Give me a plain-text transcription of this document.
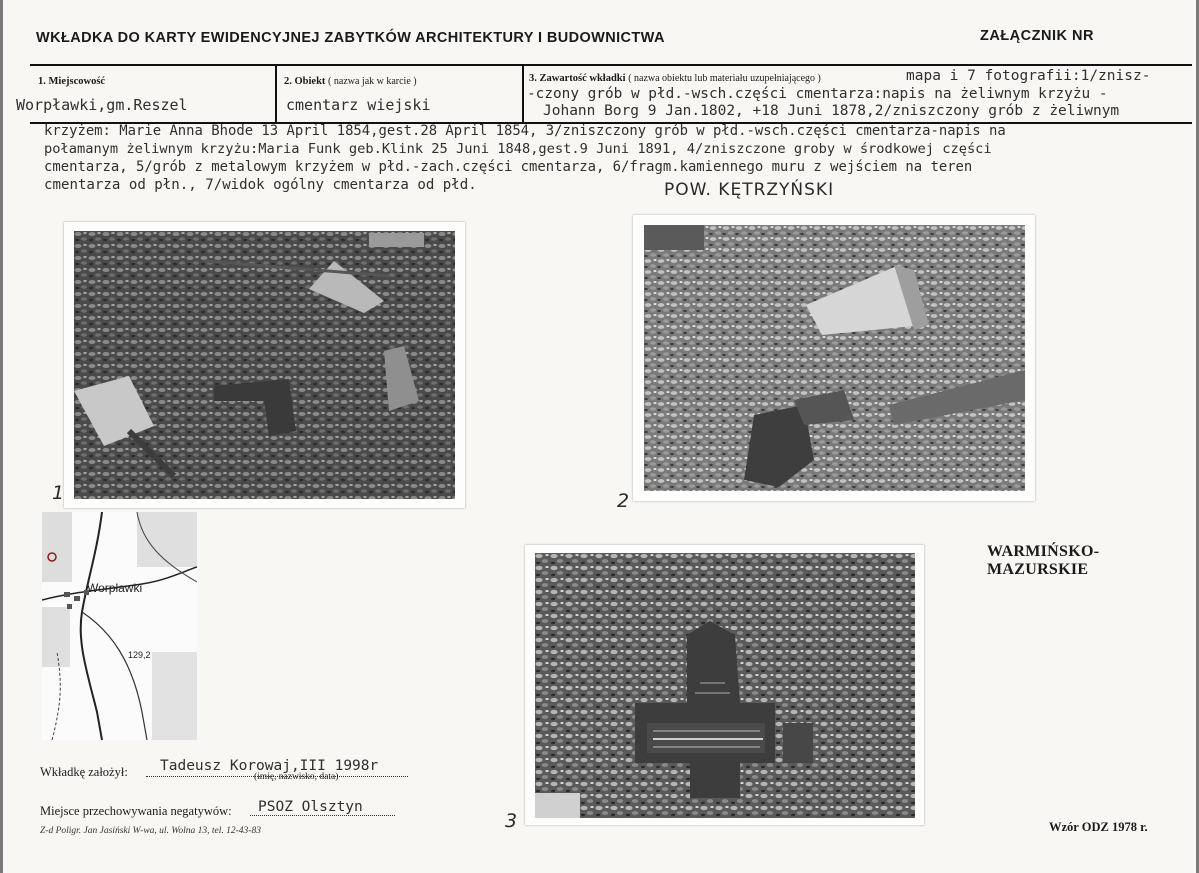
WKŁADKA DO KARTY EWIDENCYJNEJ ZABYTKÓW ARCHITEKTURY I BUDOWNICTWA	ZAŁĄCZNIK NR
1. Miejscowość	2. Obiekt ( nazwa jak w karcie )	3. Zawartość wkładki ( nazwa obiektu lub materiału uzupełniającego )
Worpławki,gm.Reszel	cmentarz wiejski
mapa i 7 fotografii:1/znisz-
-czony grób w płd.-wsch.części cmentarza:napis na żeliwnym krzyżu -
Johann Borg 9 Jan.1802, +18 Juni 1878,2/zniszczony grób z żeliwnym
krzyżem: Marie Anna Bhode 13 April 1854,gest.28 April 1854, 3/zniszczony grób w płd.-wsch.części cmentarza-napis na
połamanym żeliwnym krzyżu:Maria Funk geb.Klink 25 Juni 1848,gest.9 Juni 1891, 4/zniszczone groby w środkowej części
cmentarza, 5/grób z metalowym krzyżem w płd.-zach.części cmentarza, 6/fragm.kamiennego muru z wejściem na teren
cmentarza od płn., 7/widok ogólny cmentarza od płd.	POW. KĘTRZYŃSKI
1	2
3
Worpławki
129,2
WARMIŃSKO-
MAZURSKIE
Wkładkę założył: Tadeusz Korowaj,III 1998r
(imię, nazwisko, data)
Miejsce przechowywania negatywów: PSOZ Olsztyn
Z-d Poligr. Jan Jasiński W-wa, ul. Wolna 13, tel. 12-43-83	Wzór ODZ 1978 r.
